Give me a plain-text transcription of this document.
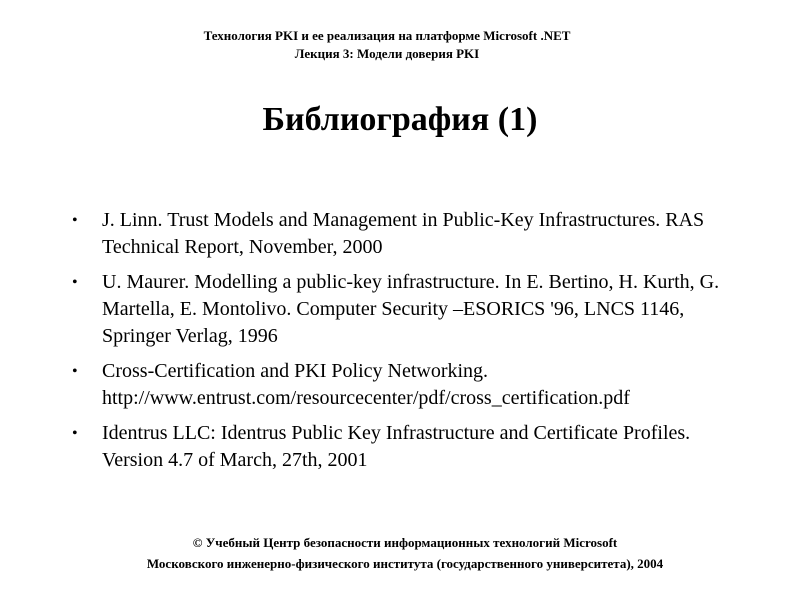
Технология PKI и ее реализация на платформе Microsoft .NET
Лекция 3: Модели доверия PKI
Библиография (1)
• J. Linn. Trust Models and Management in Public-Key Infrastructures. RAS
Technical Report, November, 2000
• U. Maurer. Modelling a public-key infrastructure. In E. Bertino, H. Kurth, G.
Martella, E. Montolivo. Computer Security –ESORICS '96, LNCS 1146,
Springer Verlag, 1996
• Cross-Certification and PKI Policy Networking.
http://www.entrust.com/resourcecenter/pdf/cross_certification.pdf
• Identrus LLC: Identrus Public Key Infrastructure and Certificate Profiles.
Version 4.7 of March, 27th, 2001
© Учебный Центр безопасности информационных технологий Microsoft
Московского инженерно-физического института (государственного университета), 2004
